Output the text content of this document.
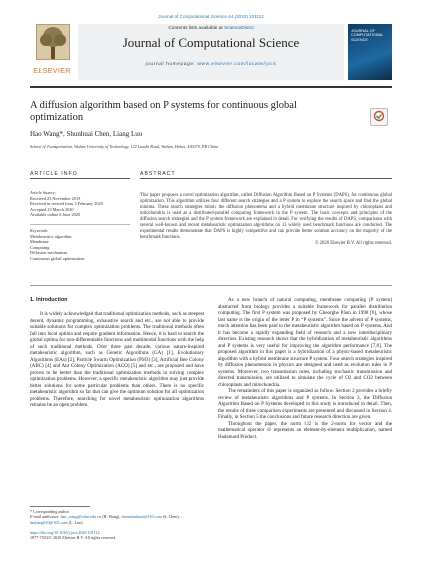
Journal of Computational Science 44 (2020) 101112
ELSEVIER
Contents lists available at ScienceDirect
Journal of Computational Science
journal homepage: www.elsevier.com/locate/jocs
JOURNAL OF COMPUTATIONAL SCIENCE
A diffusion algorithm based on P systems for continuous global optimization
Hao Wang*, Shunhuai Chen, Liang Luo
School of Transportation, Wuhan University of Technology, 122 Luoshi Road, Wuhan, Hubei, 430070, PR China
ARTICLE INFO
Article history:
Received 23 November 2019
Received in revised form 3 February 2020
Accepted 23 March 2020
Available online 6 June 2020
Keywords:
Metaheuristic algorithm
Membrane
Computing
Diffusion mechanism
Continuous global optimization
ABSTRACT
This paper proposes a novel optimization algorithm, called Diffusion Algorithm Based on P Systems (DAPS), for continuous global optimization. This algorithm utilizes four different search strategies and a P system to explore the search space and find the global minima. These search strategies mimic the diffusion phenomena and a hybrid membrane structure inspired by chloroplasts and mitochondria is used as a distributed-parallel computing framework in the P system. The basic concepts and principles of the diffusion search strategies and the P system framework are explained in detail. For verifying the results of DAPS, comparisons with several well-known and recent metaheuristic optimization algorithms on 13 widely used benchmark functions are conducted. The experimental results demonstrate that DAPS is highly competitive and can provide better solution accuracy on the majority of the benchmark functions.
© 2020 Elsevier B.V. All rights reserved.
1. Introduction
It is widely acknowledged that traditional optimization methods, such as steepest decent, dynamic programming, exhaustive search and etc., are not able to provide suitable solutions for complex optimization problems. The traditional methods often fall into local optima and require gradient information. Hence, it is hard to search the global optima for non-differentiable functions and multimodal functions with the help of such traditional methods. Over three past decade, various nature-inspired metaheuristic algorithm, such as Genetic Algorithms (GA) [1], Evolutionary Algorithms (EAs) [2], Particle Swarm Optimization (PSO) [3], Artificial Bee Colony (ABC) [4] and Ant Colony Optimization (ACO) [5] and etc., are proposed and have proven to be better than the traditional optimization methods in solving complex optimization problems. However, a specific metaheuristic algorithm may just provide better solutions for some particular problems than others. There is no specific metaheuristic algorithm so far that can give the optimum solution for all optimization problems. Therefore, searching for novel metaheuristic optimization algorithms remains be an open problem.
As a new branch of natural computing, membrane computing (P system) abstracted from biology provides a suitable framework for parallel distribution computing. The first P system was proposed by Gheorghe Păun in 1998 [6], whose last name is the origin of the letter P in “P systems”. Since the advent of P systems, much attention has been paid to the metaheuristic algorithm based on P systems. And it has become a rapidly expanding field of research and a new interdisciplinary direction. Existing research shows that the hybridization of metaheuristic algorithms and P systems is very useful for improving the algorithm performance [7,8]. The proposed algorithm in this paper is a hybridization of a physic-based metaheuristic algorithm with a hybrid membrane structure P system. Four search strategies inspired by diffusion phenomenon in physics are designed and used as evolution rules in P systems. Moreover, two transmission rules, including stochastic transmission and directed transmission, are utilized to simulate the cycle of O2 and CO2 between chloroplasts and mitochondria.
The remainders of this paper is organized as follow. Section 2 provides a briefly review of metaheuristic algorithms and P systems. In Section 3, the Diffusion Algorithm Based on P Systems developed in this study is introduced in detail. Then, the results of three comparison experiments are presented and discussed in Section 4. Finally, in Section 5 the conclusions and future research direction are given.
Throughout the paper, the norm ‖.‖2 is the 2-norm for vector and the mathematical operator ⊙ represents an element-by-element multiplication, named Hadamard Product.
* Corresponding author.
E-mail addresses: hao_wang@whut.edu.cn (H. Wang), chenshunhuai@163.com (S. Chen), luoliang610@163.com (L. Luo).
https://doi.org/10.1016/j.jocs.2020.101112
1877-7503/© 2020 Elsevier B.V. All rights reserved.
